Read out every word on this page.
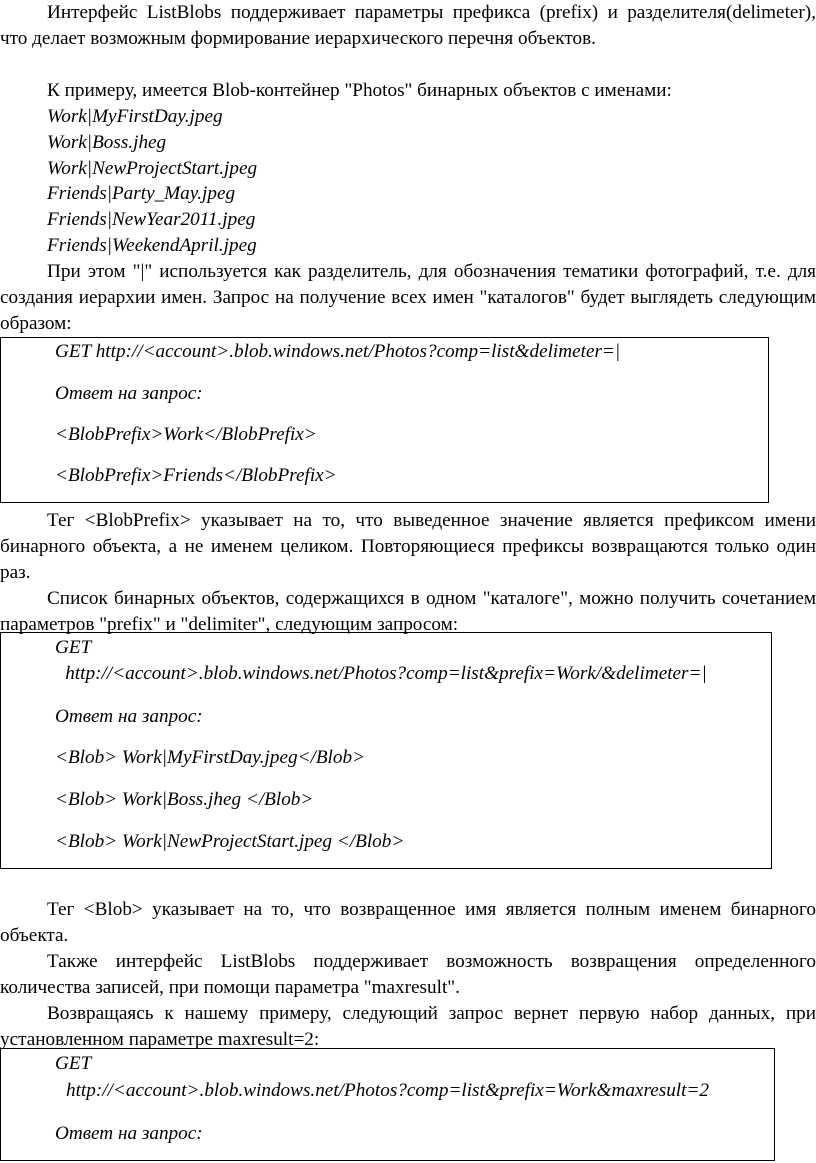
Интерфейс ListBlobs поддерживает параметры префикса (prefix) и разделителя(delimeter), что делает возможным формирование иерархического перечня объектов.

К примеру, имеется Blob-контейнер "Photos" бинарных объектов с именами:

Work|MyFirstDay.jpeg
Work|Boss.jheg
Work|NewProjectStart.jpeg
Friends|Party_May.jpeg
Friends|NewYear2011.jpeg
Friends|WeekendApril.jpeg

При этом "|" используется как разделитель, для обозначения тематики фотографий, т.е. для создания иерархии имен. Запрос на получение всех имен "каталогов" будет выглядеть следующим образом:

GET http://<account>.blob.windows.net/Photos?comp=list&delimeter=|
Ответ на запрос:
<BlobPrefix>Work</BlobPrefix>
<BlobPrefix>Friends</BlobPrefix>

Тег <BlobPrefix> указывает на то, что выведенное значение является префиксом имени бинарного объекта, а не именем целиком. Повторяющиеся префиксы возвращаются только один раз.

Список бинарных объектов, содержащихся в одном "каталоге", можно получить сочетанием параметров "prefix" и "delimiter", следующим запросом:

GET
http://<account>.blob.windows.net/Photos?comp=list&prefix=Work/&delimeter=|
Ответ на запрос:
<Blob> Work|MyFirstDay.jpeg</Blob>
<Blob> Work|Boss.jheg </Blob>
<Blob> Work|NewProjectStart.jpeg </Blob>

Тег <Blob> указывает на то, что возвращенное имя является полным именем бинарного объекта.

Также интерфейс ListBlobs поддерживает возможность возвращения определенного количества записей, при помощи параметра "maxresult".

Возвращаясь к нашему примеру, следующий запрос вернет первую набор данных, при установленном параметре maxresult=2:

GET
http://<account>.blob.windows.net/Photos?comp=list&prefix=Work&maxresult=2
Ответ на запрос:
